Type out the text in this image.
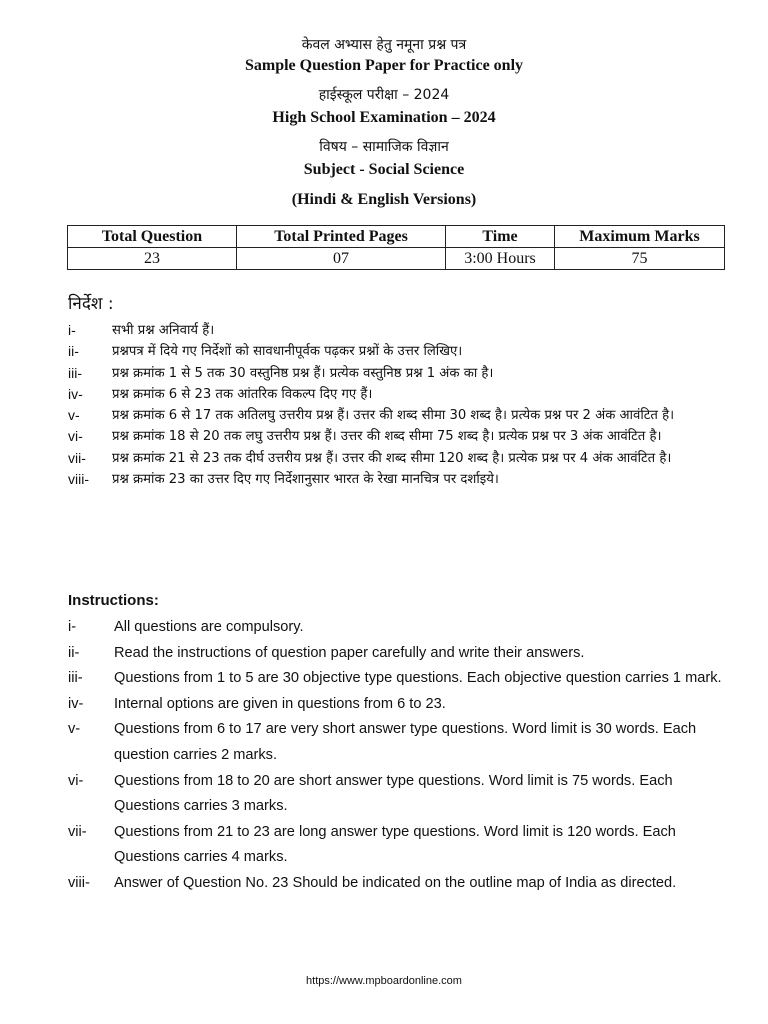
केवल अभ्यास हेतु नमूना प्रश्न पत्र

Sample Question Paper for Practice only

हाईस्कूल परीक्षा – 2024

High School Examination – 2024

विषय – सामाजिक विज्ञान

Subject - Social Science

(Hindi & English Versions)

Total Question	Total Printed Pages	Time	Maximum Marks
23	07	3:00 Hours	75

निर्देश :

i-	सभी प्रश्न अनिवार्य हैं।
ii-	प्रश्नपत्र में दिये गए निर्देशों को सावधानीपूर्वक पढ़कर प्रश्नों के उत्तर लिखिए।
iii-	प्रश्न क्रमांक 1 से 5 तक 30 वस्तुनिष्ठ प्रश्न हैं। प्रत्येक वस्तुनिष्ठ प्रश्न 1 अंक का है।
iv-	प्रश्न क्रमांक 6 से 23 तक आंतरिक विकल्प दिए गए हैं।
v-	प्रश्न क्रमांक 6 से 17 तक अतिलघु उत्तरीय प्रश्न हैं। उत्तर की शब्द सीमा 30 शब्द है। प्रत्येक प्रश्न पर 2 अंक आवंटित है।
vi-	प्रश्न क्रमांक 18 से 20 तक लघु उत्तरीय प्रश्न हैं। उत्तर की शब्द सीमा 75 शब्द है। प्रत्येक प्रश्न पर 3 अंक आवंटित है।
vii-	प्रश्न क्रमांक 21 से 23 तक दीर्घ उत्तरीय प्रश्न हैं। उत्तर की शब्द सीमा 120 शब्द है। प्रत्येक प्रश्न पर 4 अंक आवंटित है।
viii-	प्रश्न क्रमांक 23 का उत्तर दिए गए निर्देशानुसार भारत के रेखा मानचित्र पर दर्शाइये।

Instructions:

i-	All questions are compulsory.
ii-	Read the instructions of question paper carefully and write their answers.
iii-	Questions from 1 to 5 are 30 objective type questions. Each objective question carries 1 mark.
iv-	Internal options are given in questions from 6 to 23.
v-	Questions from 6 to 17 are very short answer type questions. Word limit is 30 words. Each question carries 2 marks.
vi-	Questions from 18 to 20 are short answer type questions. Word limit is 75 words. Each Questions carries 3 marks.
vii-	Questions from 21 to 23 are long answer type questions. Word limit is 120 words. Each Questions carries 4 marks.
viii-	Answer of Question No. 23 Should be indicated on the outline map of India as directed.
https://www.mpboardonline.com
